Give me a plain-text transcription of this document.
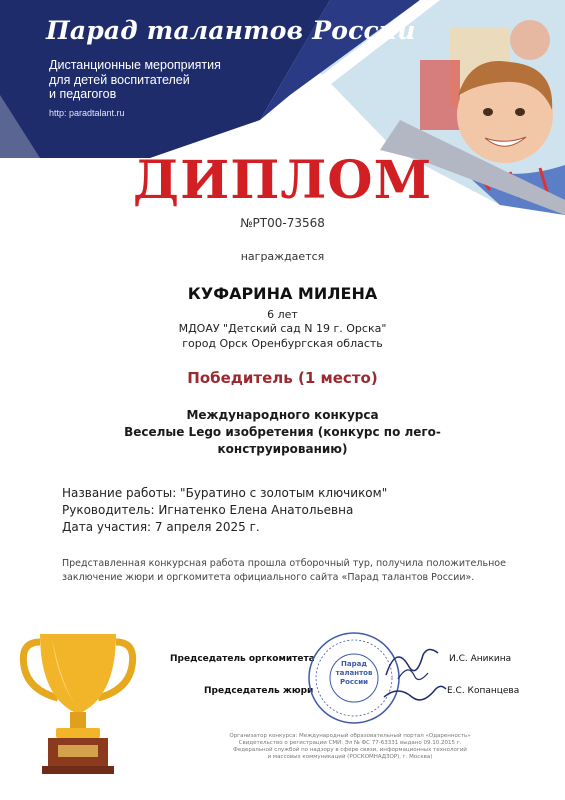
Парад талантов России
Дистанционные мероприятия
для детей воспитателей
и педагогов
http: paradtalant.ru
ДИПЛОМ
№РТ00-73568
награждается
КУФАРИНА МИЛЕНА
6 лет
МДОАУ "Детский сад N 19 г. Орска"
город Орск Оренбургская область
Победитель (1 место)
Международного конкурса
Веселые Lego изобретения (конкурс по лего-
конструированию)
Название работы: "Буратино с золотым ключиком"
Руководитель: Игнатенко Елена Анатольевна
Дата участия: 7 апреля 2025 г.
Представленная конкурсная работа прошла отборочный тур, получила положительное
заключение жюри и оргкомитета официального сайта «Парад талантов России».
Председатель оргкомитета	И.С. Аникина
Председатель жюри	Е.С. Копанцева
Парад
талантов
России
Организатор конкурса: Международный образовательный портал «Одаренность»
Свидетельство о регистрации СМИ: Эл № ФС 77-63331 выдано 09.10.2015 г.
Федеральной службой по надзору в сфере связи, информационных технологий
и массовых коммуникаций (РОСКОМНАДЗОР), г. Москва)
